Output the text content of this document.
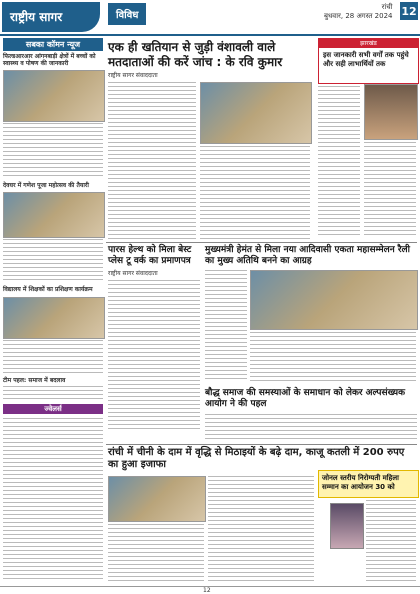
राष्ट्रीय सागर	विविध
रांची
बुधवार, 28 अगस्त 2024 12
सबका कॉमन न्यूज
फिल्डआरआर आंगनबाड़ी क्षेत्रों में बच्चों को स्वास्थ्य व पोषण की जानकारी
देवघर में गणेश पूजा महोत्सव की तैयारी
विद्यालय में शिक्षकों का प्रशिक्षण कार्यक्रम
टीम पहल: समाज में बदलाव
ज्वेलर्स
एक ही खतियान से जुड़ी वंशावली वाले मतदाताओं की करें जांच : के रवि कुमार
राष्ट्रीय सागर संवाददाता
झारखंड
इस जानकारी सभी वर्गों तक पहुंचे और सही लाभार्थियों तक
पारस हेल्थ को मिला बेस्ट प्लेस टू वर्क का प्रमाणपत्र
राष्ट्रीय सागर संवाददाता
मुख्यमंत्री हेमंत से मिला नया आदिवासी एकता महासम्मेलन रैली का मुख्य अतिथि बनने का आग्रह
बौद्ध समाज की समस्याओं के समाधान को लेकर अल्पसंख्यक आयोग ने की पहल
रांची में चीनी के दाम में वृद्धि से मिठाइयों के बढ़े दाम, काजू कतली में 200 रुपए का हुआ इजाफा
जोनल स्तरीय निरोग्यती महिला सम्मान का आयोजन 30 को
12
